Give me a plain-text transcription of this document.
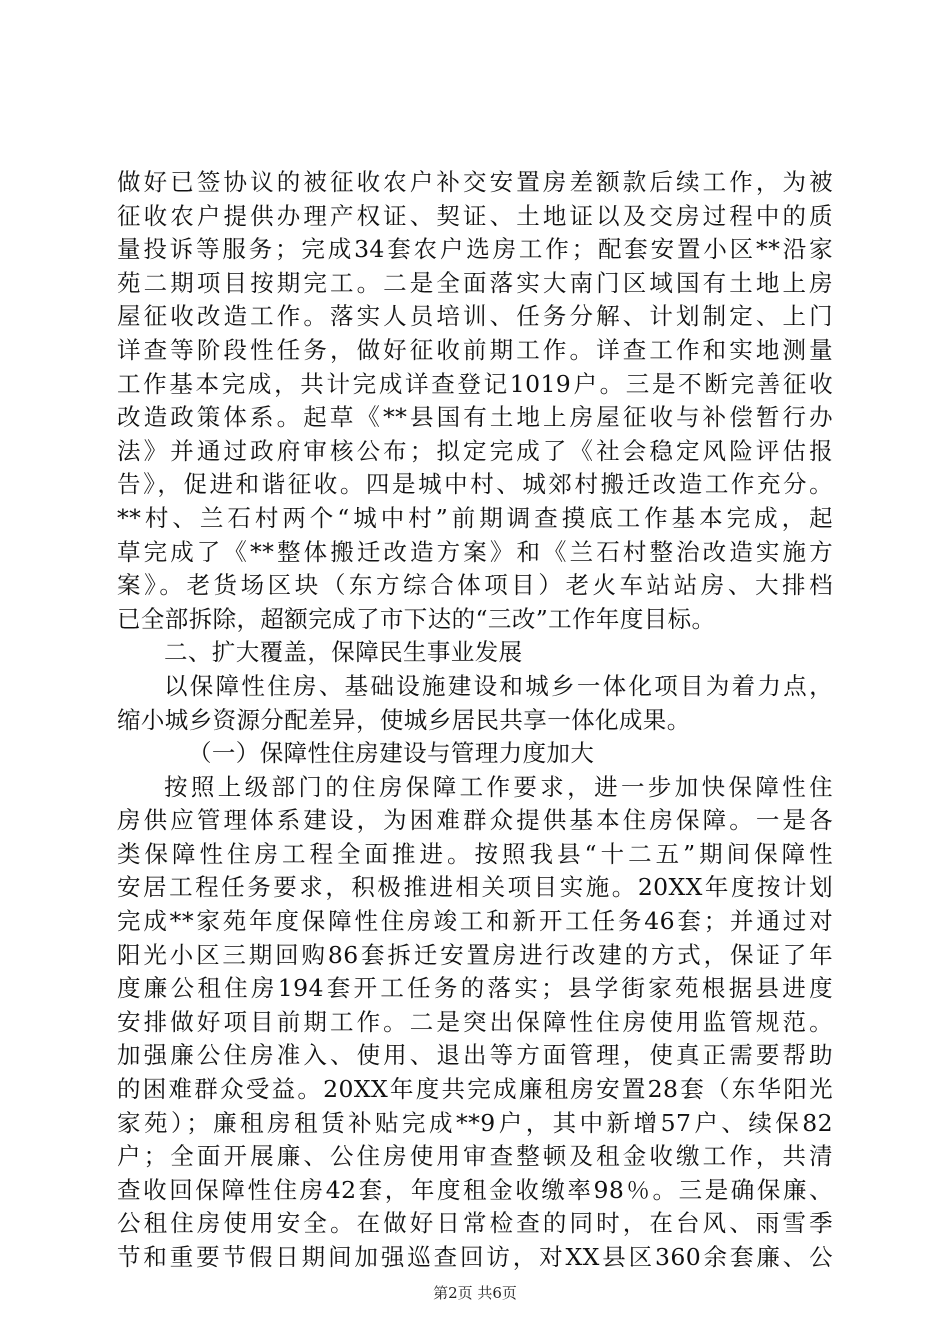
做好已签协议的被征收农户补交安置房差额款后续工作，为被
征收农户提供办理产权证、契证、土地证以及交房过程中的质
量投诉等服务；完成34套农户选房工作；配套安置小区**沿家
苑二期项目按期完工。二是全面落实大南门区域国有土地上房
屋征收改造工作。落实人员培训、任务分解、计划制定、上门
详查等阶段性任务，做好征收前期工作。详查工作和实地测量
工作基本完成，共计完成详查登记1019户。三是不断完善征收
改造政策体系。起草《**县国有土地上房屋征收与补偿暂行办
法》并通过政府审核公布；拟定完成了《社会稳定风险评估报
告》，促进和谐征收。四是城中村、城郊村搬迁改造工作充分。
**村、兰石村两个“城中村”前期调查摸底工作基本完成，起
草完成了《**整体搬迁改造方案》和《兰石村整治改造实施方
案》。老货场区块（东方综合体项目）老火车站站房、大排档
已全部拆除，超额完成了市下达的“三改”工作年度目标。
二、扩大覆盖，保障民生事业发展
以保障性住房、基础设施建设和城乡一体化项目为着力点，
缩小城乡资源分配差异，使城乡居民共享一体化成果。
（一）保障性住房建设与管理力度加大
按照上级部门的住房保障工作要求，进一步加快保障性住
房供应管理体系建设，为困难群众提供基本住房保障。一是各
类保障性住房工程全面推进。按照我县“十二五”期间保障性
安居工程任务要求，积极推进相关项目实施。20XX年度按计划
完成**家苑年度保障性住房竣工和新开工任务46套；并通过对
阳光小区三期回购86套拆迁安置房进行改建的方式，保证了年
度廉公租住房194套开工任务的落实；县学街家苑根据县进度
安排做好项目前期工作。二是突出保障性住房使用监管规范。
加强廉公住房准入、使用、退出等方面管理，使真正需要帮助
的困难群众受益。20XX年度共完成廉租房安置28套（东华阳光
家苑）；廉租房租赁补贴完成**9户，其中新增57户、续保82
户；全面开展廉、公住房使用审查整顿及租金收缴工作，共清
查收回保障性住房42套，年度租金收缴率98％。三是确保廉、
公租住房使用安全。在做好日常检查的同时，在台风、雨雪季
节和重要节假日期间加强巡查回访，对XX县区360余套廉、公
第2页 共6页
